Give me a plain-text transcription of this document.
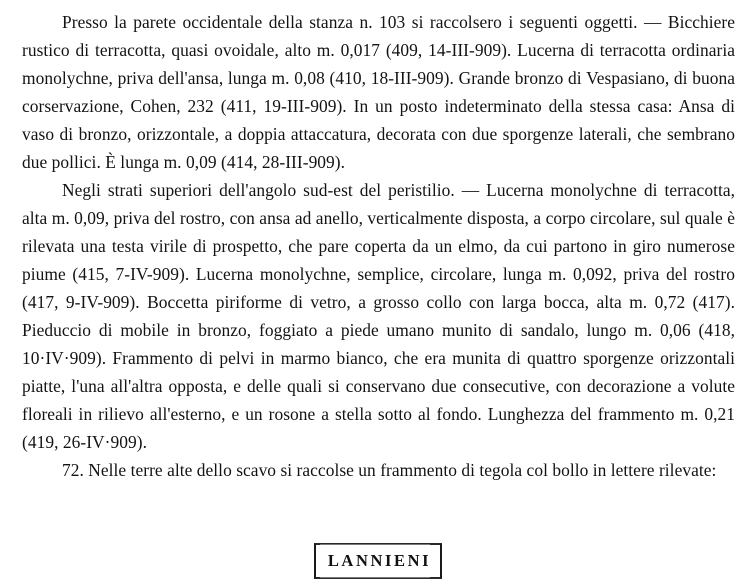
Presso la parete occidentale della stanza n. 103 si raccolsero i seguenti oggetti. — Bicchiere rustico di terracotta, quasi ovoidale, alto m. 0,017 (409, 14-III-909). Lucerna di terracotta ordinaria monolychne, priva dell'ansa, lunga m. 0,08 (410, 18-III-909). Grande bronzo di Vespasiano, di buona corservazione, Cohen, 232 (411, 19-III-909). In un posto indeterminato della stessa casa: Ansa di vaso di bronzo, orizzontale, a doppia attaccatura, decorata con due sporgenze laterali, che sembrano due pollici. È lunga m. 0,09 (414, 28-III-909).

Negli strati superiori dell'angolo sud-est del peristilio. — Lucerna monolychne di terracotta, alta m. 0,09, priva del rostro, con ansa ad anello, verticalmente disposta, a corpo circolare, sul quale è rilevata una testa virile di prospetto, che pare coperta da un elmo, da cui partono in giro numerose piume (415, 7-IV-909). Lucerna monolychne, semplice, circolare, lunga m. 0,092, priva del rostro (417, 9-IV-909). Boccetta piriforme di vetro, a grosso collo con larga bocca, alta m. 0,72 (417). Pieduccio di mobile in bronzo, foggiato a piede umano munito di sandalo, lungo m. 0,06 (418, 10·IV·909). Frammento di pelvi in marmo bianco, che era munita di quattro sporgenze orizzontali piatte, l'una all'altra opposta, e delle quali si conservano due consecutive, con decorazione a volute floreali in rilievo all'esterno, e un rosone a stella sotto al fondo. Lunghezza del frammento m. 0,21 (419, 26-IV·909).

72. Nelle terre alte dello scavo si raccolse un frammento di tegola col bollo in lettere rilevate:

LANNIENI
